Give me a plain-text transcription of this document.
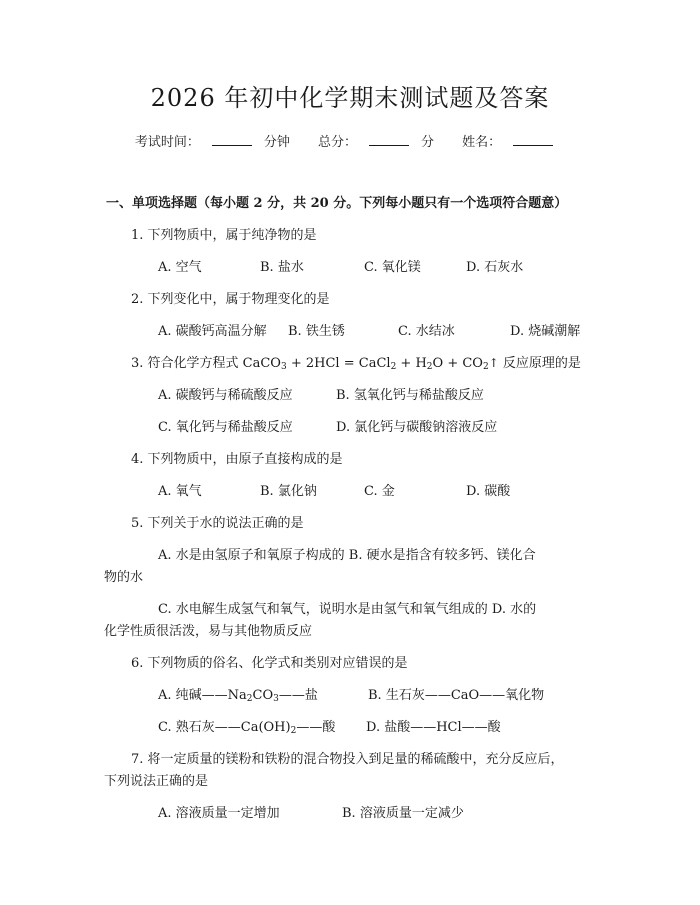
2026 年初中化学期末测试题及答案
考试时间：	分钟 总分：	分 姓名：
一、单项选择题（每小题 2 分，共 20 分。下列每小题只有一个选项符合题意）
1. 下列物质中，属于纯净物的是
A. 空气	B. 盐水	C. 氧化镁	D. 石灰水
2. 下列变化中，属于物理变化的是
A. 碳酸钙高温分解 B. 铁生锈	C. 水结冰	D. 烧碱潮解
3. 符合化学方程式 CaCO$_3$ + 2HCl = CaCl$_2$ + $H_2O$ + $CO_2↑$ 反应原理的是
A. 碳酸钙与稀硫酸反应	B. 氢氧化钙与稀盐酸反应
C. 氧化钙与稀盐酸反应	D. 氯化钙与碳酸钠溶液反应
4. 下列物质中，由原子直接构成的是
A. 氧气	B. 氯化钠	C. 金	D. 碳酸
5. 下列关于水的说法正确的是
A. 水是由氢原子和氧原子构成的 B. 硬水是指含有较多钙、镁化合
物的水
C. 水电解生成氢气和氧气，说明水是由氢气和氧气组成的 D. 水的
化学性质很活泼，易与其他物质反应
6. 下列物质的俗名、化学式和类别对应错误的是
A. 纯碱$——Na_2CO_3——$盐	B. 生石灰——CaO——氧化物
C. 熟石灰$——Ca(OH)_2——$酸 D. 盐酸——HCl——酸
7. 将一定质量的镁粉和铁粉的混合物投入到足量的稀硫酸中，充分反应后，
下列说法正确的是
A. 溶液质量一定增加	B. 溶液质量一定减少
